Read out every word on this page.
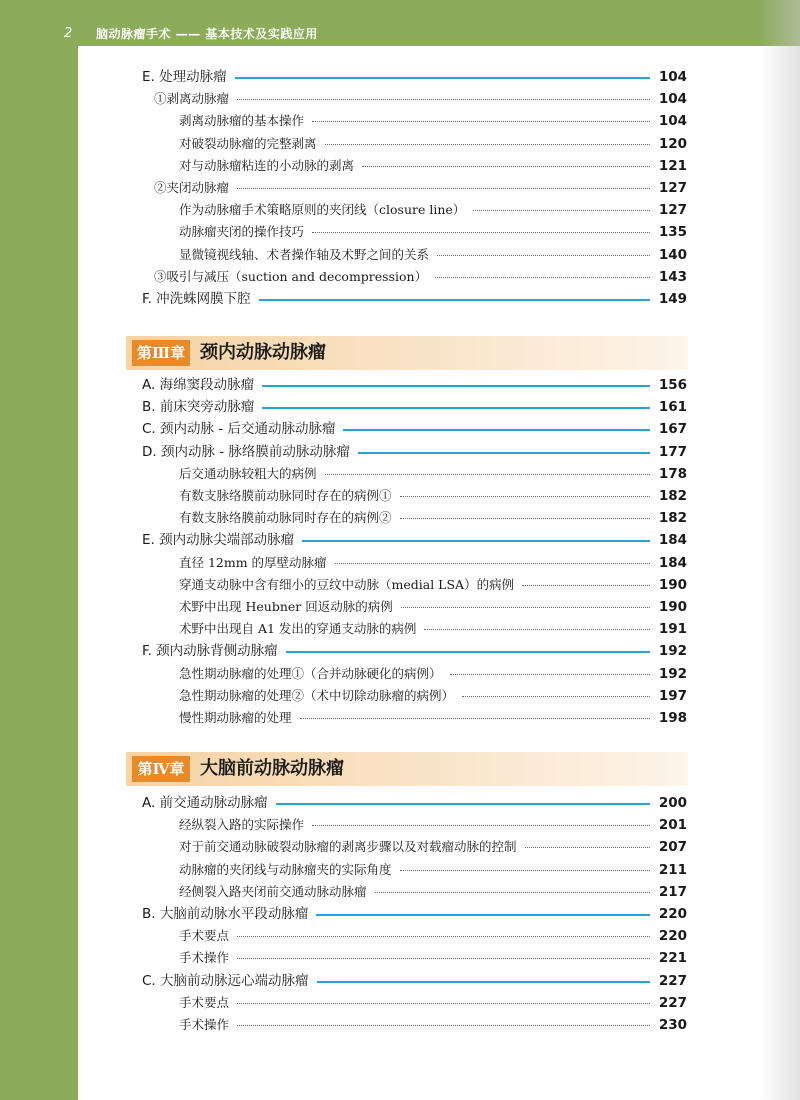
2 脑动脉瘤手术 —— 基本技术及实践应用
E. 处理动脉瘤	104
①剥离动脉瘤	104
剥离动脉瘤的基本操作	104
对破裂动脉瘤的完整剥离	120
对与动脉瘤粘连的小动脉的剥离	121
②夹闭动脉瘤	127
作为动脉瘤手术策略原则的夹闭线（closure line）	127
动脉瘤夹闭的操作技巧	135
显微镜视线轴、术者操作轴及术野之间的关系	140
③吸引与减压（suction and decompression）	143
F. 冲洗蛛网膜下腔	149
第Ⅲ章 颈内动脉动脉瘤
A. 海绵窦段动脉瘤	156
B. 前床突旁动脉瘤	161
C. 颈内动脉 - 后交通动脉动脉瘤	167
D. 颈内动脉 - 脉络膜前动脉动脉瘤	177
后交通动脉较粗大的病例	178
有数支脉络膜前动脉同时存在的病例①	182
有数支脉络膜前动脉同时存在的病例②	182
E. 颈内动脉尖端部动脉瘤	184
直径 12mm 的厚壁动脉瘤	184
穿通支动脉中含有细小的豆纹中动脉（medial LSA）的病例	190
术野中出现 Heubner 回返动脉的病例	190
术野中出现自 A1 发出的穿通支动脉的病例	191
F. 颈内动脉背侧动脉瘤	192
急性期动脉瘤的处理①（合并动脉硬化的病例）	192
急性期动脉瘤的处理②（术中切除动脉瘤的病例）	197
慢性期动脉瘤的处理	198
第Ⅳ章 大脑前动脉动脉瘤
A. 前交通动脉动脉瘤	200
经纵裂入路的实际操作	201
对于前交通动脉破裂动脉瘤的剥离步骤以及对载瘤动脉的控制	207
动脉瘤的夹闭线与动脉瘤夹的实际角度	211
经侧裂入路夹闭前交通动脉动脉瘤	217
B. 大脑前动脉水平段动脉瘤	220
手术要点	220
手术操作	221
C. 大脑前动脉远心端动脉瘤	227
手术要点	227
手术操作	230
